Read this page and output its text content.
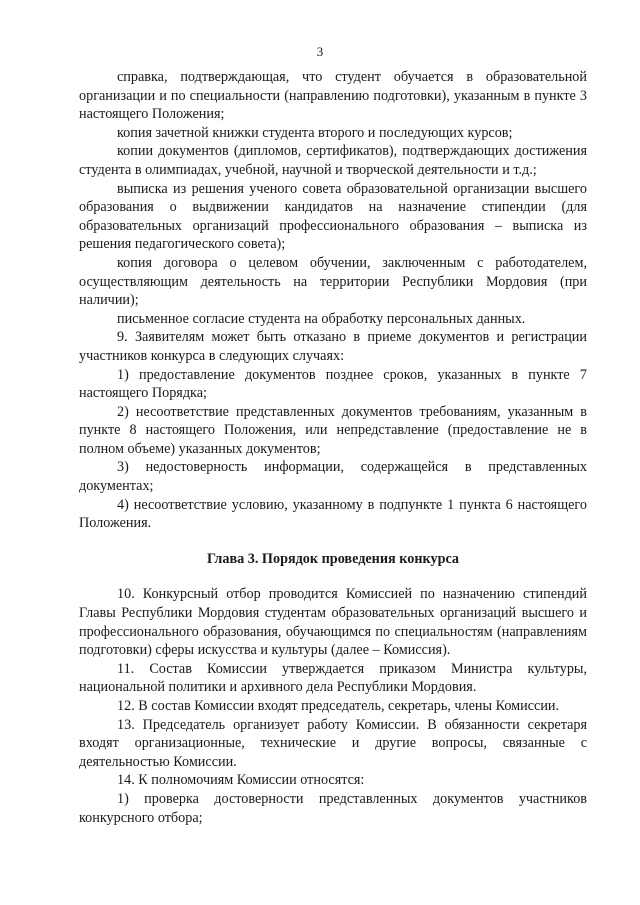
3

справка, подтверждающая, что студент обучается в образовательной организации и по специальности (направлению подготовки), указанным в пункте 3 настоящего Положения;

копия зачетной книжки студента второго и последующих курсов;

копии документов (дипломов, сертификатов), подтверждающих достижения студента в олимпиадах, учебной, научной и творческой деятельности и т.д.;

выписка из решения ученого совета образовательной организации высшего образования о выдвижении кандидатов на назначение стипендии (для образовательных организаций профессионального образования – выписка из решения педагогического совета);

копия договора о целевом обучении, заключенным с работодателем, осуществляющим деятельность на территории Республики Мордовия (при наличии);

письменное согласие студента на обработку персональных данных.

9. Заявителям может быть отказано в приеме документов и регистрации участников конкурса в следующих случаях:

1) предоставление документов позднее сроков, указанных в пункте 7 настоящего Порядка;

2) несоответствие представленных документов требованиям, указанным в пункте 8 настоящего Положения, или непредставление (предоставление не в полном объеме) указанных документов;

3) недостоверность информации, содержащейся в представленных документах;

4) несоответствие условию, указанному в подпункте 1 пункта 6 настоящего Положения.

Глава 3. Порядок проведения конкурса

10. Конкурсный отбор проводится Комиссией по назначению стипендий Главы Республики Мордовия студентам образовательных организаций высшего и профессионального образования, обучающимся по специальностям (направлениям подготовки) сферы искусства и культуры (далее – Комиссия).

11. Состав Комиссии утверждается приказом Министра культуры, национальной политики и архивного дела Республики Мордовия.

12. В состав Комиссии входят председатель, секретарь, члены Комиссии.

13. Председатель организует работу Комиссии. В обязанности секретаря входят организационные, технические и другие вопросы, связанные с деятельностью Комиссии.

14. К полномочиям Комиссии относятся:

1) проверка достоверности представленных документов участников конкурсного отбора;
